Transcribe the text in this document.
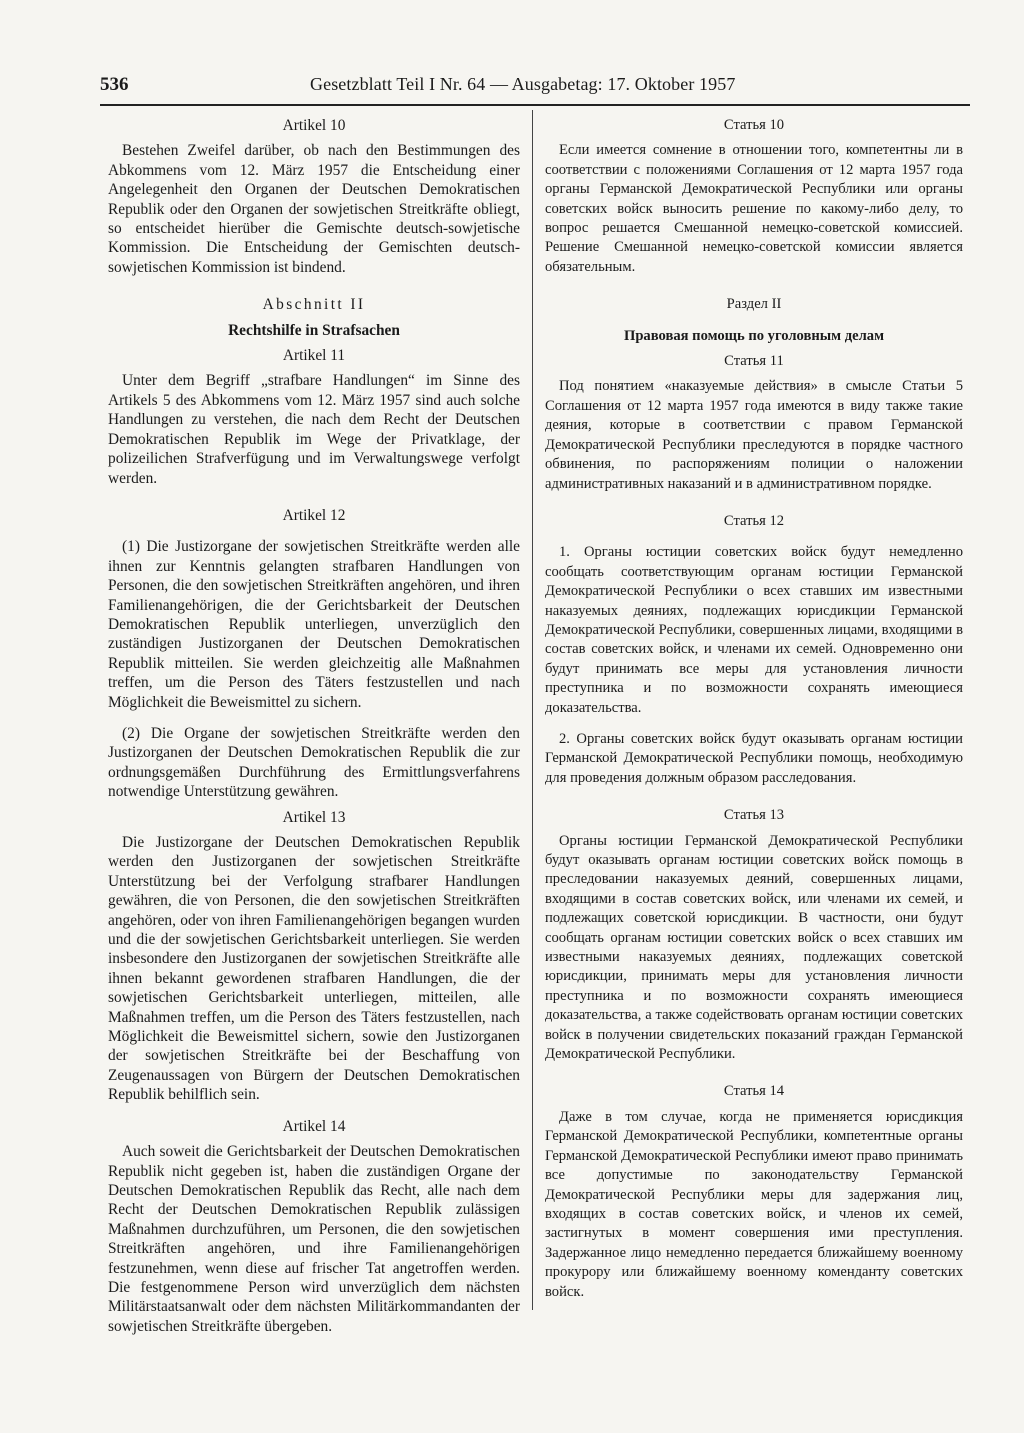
536	Gesetzblatt Teil I Nr. 64 — Ausgabetag: 17. Oktober 1957

Artikel 10

Bestehen Zweifel darüber, ob nach den Bestimmungen des Abkommens vom 12. März 1957 die Entscheidung einer Angelegenheit den Organen der Deutschen Demokratischen Republik oder den Organen der sowjetischen Streitkräfte obliegt, so entscheidet hierüber die Gemischte deutsch-sowjetische Kommission. Die Entscheidung der Gemischten deutsch-sowjetischen Kommission ist bindend.

Abschnitt II

Rechtshilfe in Strafsachen

Artikel 11

Unter dem Begriff „strafbare Handlungen“ im Sinne des Artikels 5 des Abkommens vom 12. März 1957 sind auch solche Handlungen zu verstehen, die nach dem Recht der Deutschen Demokratischen Republik im Wege der Privatklage, der polizeilichen Strafverfügung und im Verwaltungswege verfolgt werden.

Artikel 12

(1) Die Justizorgane der sowjetischen Streitkräfte werden alle ihnen zur Kenntnis gelangten strafbaren Handlungen von Personen, die den sowjetischen Streitkräften angehören, und ihren Familienangehörigen, die der Gerichtsbarkeit der Deutschen Demokratischen Republik unterliegen, unverzüglich den zuständigen Justizorganen der Deutschen Demokratischen Republik mitteilen. Sie werden gleichzeitig alle Maßnahmen treffen, um die Person des Täters festzustellen und nach Möglichkeit die Beweismittel zu sichern.

(2) Die Organe der sowjetischen Streitkräfte werden den Justizorganen der Deutschen Demokratischen Republik die zur ordnungsgemäßen Durchführung des Ermittlungsverfahrens notwendige Unterstützung gewähren.

Artikel 13

Die Justizorgane der Deutschen Demokratischen Republik werden den Justizorganen der sowjetischen Streitkräfte Unterstützung bei der Verfolgung strafbarer Handlungen gewähren, die von Personen, die den sowjetischen Streitkräften angehören, oder von ihren Familienangehörigen begangen wurden und die der sowjetischen Gerichtsbarkeit unterliegen. Sie werden insbesondere den Justizorganen der sowjetischen Streitkräfte alle ihnen bekannt gewordenen strafbaren Handlungen, die der sowjetischen Gerichtsbarkeit unterliegen, mitteilen, alle Maßnahmen treffen, um die Person des Täters festzustellen, nach Möglichkeit die Beweismittel sichern, sowie den Justizorganen der sowjetischen Streitkräfte bei der Beschaffung von Zeugenaussagen von Bürgern der Deutschen Demokratischen Republik behilflich sein.

Artikel 14

Auch soweit die Gerichtsbarkeit der Deutschen Demokratischen Republik nicht gegeben ist, haben die zuständigen Organe der Deutschen Demokratischen Republik das Recht, alle nach dem Recht der Deutschen Demokratischen Republik zulässigen Maßnahmen durchzuführen, um Personen, die den sowjetischen Streitkräften angehören, und ihre Familienangehörigen festzunehmen, wenn diese auf frischer Tat angetroffen werden. Die festgenommene Person wird unverzüglich dem nächsten Militärstaatsanwalt oder dem nächsten Militärkommandanten der sowjetischen Streitkräfte übergeben.

Статья 10

Если имеется сомнение в отношении того, компетентны ли в соответствии с положениями Соглашения от 12 марта 1957 года органы Германской Демократической Республики или органы советских войск выносить решение по какому-либо делу, то вопрос решается Смешанной немецко-советской комиссией. Решение Смешанной немецко-советской комиссии является обязательным.

Раздел II

Правовая помощь по уголовным делам

Статья 11

Под понятием «наказуемые действия» в смысле Статьи 5 Соглашения от 12 марта 1957 года имеются в виду также такие деяния, которые в соответствии с правом Германской Демократической Республики преследуются в порядке частного обвинения, по распоряжениям полиции о наложении административных наказаний и в административном порядке.

Статья 12

1. Органы юстиции советских войск будут немедленно сообщать соответствующим органам юстиции Германской Демократической Республики о всех ставших им известными наказуемых деяниях, подлежащих юрисдикции Германской Демократической Республики, совершенных лицами, входящими в состав советских войск, и членами их семей. Одновременно они будут принимать все меры для установления личности преступника и по возможности сохранять имеющиеся доказательства.

2. Органы советских войск будут оказывать органам юстиции Германской Демократической Республики помощь, необходимую для проведения должным образом расследования.

Статья 13

Органы юстиции Германской Демократической Республики будут оказывать органам юстиции советских войск помощь в преследовании наказуемых деяний, совершенных лицами, входящими в состав советских войск, или членами их семей, и подлежащих советской юрисдикции. В частности, они будут сообщать органам юстиции советских войск о всех ставших им известными наказуемых деяниях, подлежащих советской юрисдикции, принимать меры для установления личности преступника и по возможности сохранять имеющиеся доказательства, а также содействовать органам юстиции советских войск в получении свидетельских показаний граждан Германской Демократической Республики.

Статья 14

Даже в том случае, когда не применяется юрисдикция Германской Демократической Республики, компетентные органы Германской Демократической Республики имеют право принимать все допустимые по законодательству Германской Демократической Республики меры для задержания лиц, входящих в состав советских войск, и членов их семей, застигнутых в момент совершения ими преступления. Задержанное лицо немедленно передается ближайшему военному прокурору или ближайшему военному коменданту советских войск.
